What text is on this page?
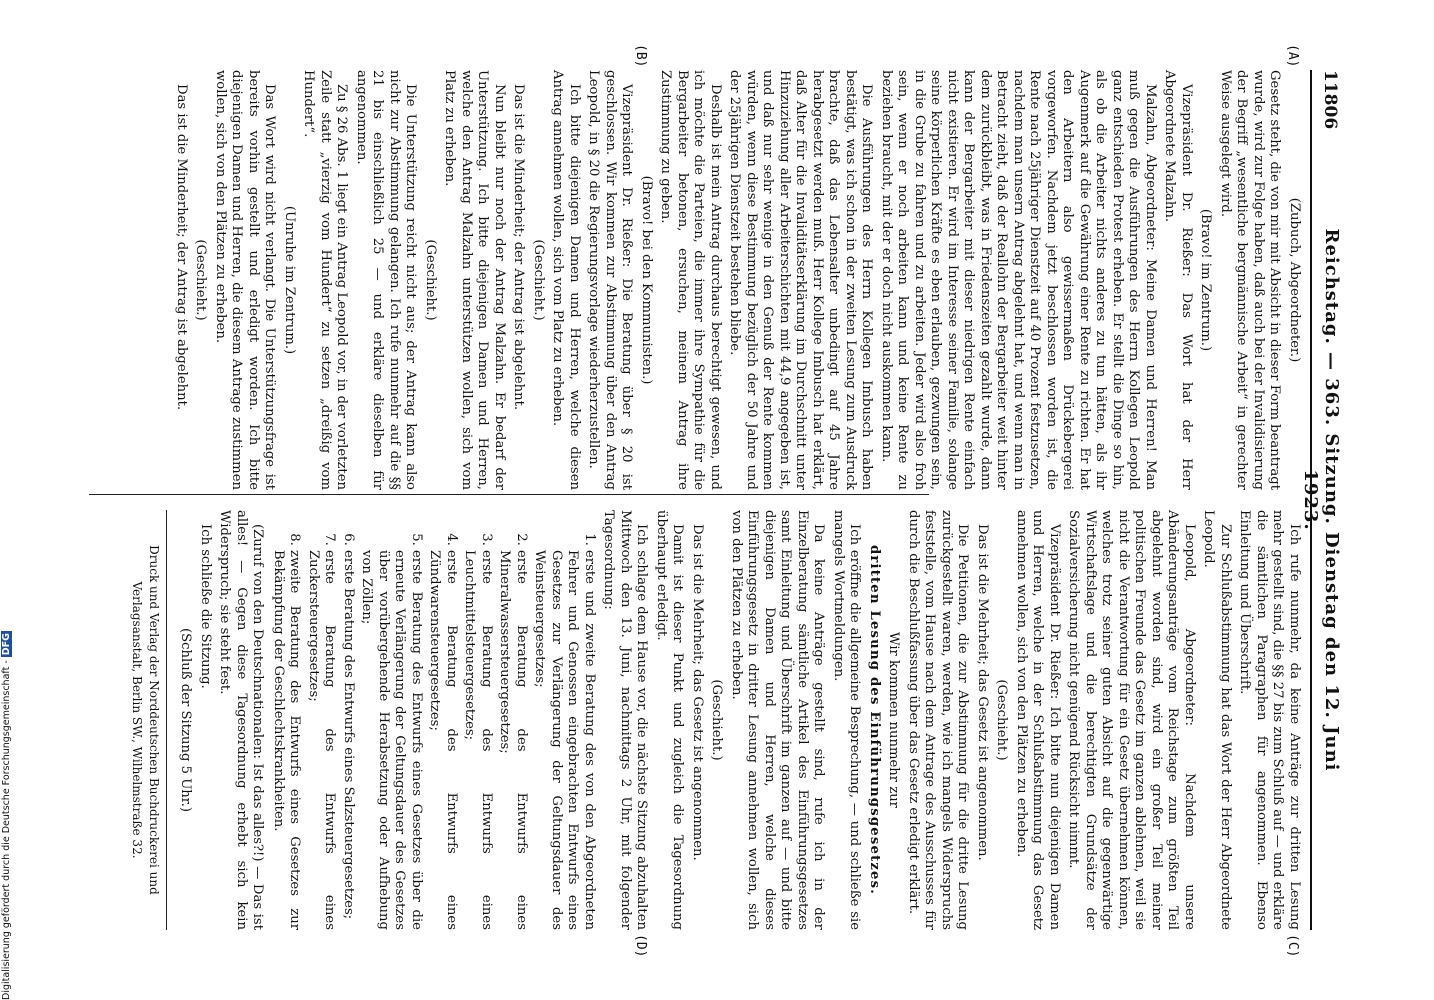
11806
Reichstag. — 363. Sitzung. Dienstag den 12. Juni 1923.
(A)
(B)
(C)
(D)

(Zubuch, Abgeordneter.)

Gesetz steht, die von mir mit Absicht in dieser Form beantragt wurde, wird zur Folge haben, daß auch bei der Invalidisierung der Begriff „wesentliche bergmännische Arbeit“ in gerechter Weise ausgelegt wird.

(Bravo! im Zentrum.)

Vizepräsident Dr. Rießer: Das Wort hat der Herr Abgeordnete Malzahn.

Malzahn, Abgeordneter: Meine Damen und Herren! Man muß gegen die Ausführungen des Herrn Kollegen Leopold ganz entschieden Protest erheben. Er stellt die Dinge so hin, als ob die Arbeiter nichts anderes zu tun hätten, als ihr Augenmerk auf die Gewährung einer Rente zu richten. Er hat den Arbeitern also gewissermaßen Drückebergerei vorgeworfen. Nachdem jetzt beschlossen worden ist, die Rente nach 25jähriger Dienstzeit auf 40 Prozent festzusetzen, nachdem man unsern Antrag abgelehnt hat, und wenn man in Betracht zieht, daß der Reallohn der Bergarbeiter weit hinter dem zurückbleibt, was in Friedenszeiten gezahlt wurde, dann kann der Bergarbeiter mit dieser niedrigen Rente einfach nicht existieren. Er wird im Interesse seiner Familie, solange seine körperlichen Kräfte es eben erlauben, gezwungen sein, in die Grube zu fahren und zu arbeiten. Jeder wird also froh sein, wenn er noch arbeiten kann und keine Rente zu beziehen braucht, mit der er doch nicht auskommen kann.

Die Ausführungen des Herrn Kollegen Imbusch haben bestätigt, was ich schon in der zweiten Lesung zum Ausdruck brachte, daß das Lebensalter unbedingt auf 45 Jahre herabgesetzt werden muß. Herr Kollege Imbusch hat erklärt, daß Alter für die Invaliditätserklärung im Durchschnitt unter Hinzuziehung aller Arbeiterschichten mit 44,9 angegeben ist, und daß nur sehr wenige in den Genuß der Rente kommen würden, wenn diese Bestimmung bezüglich der 50 Jahre und der 25jährigen Dienstzeit bestehen bliebe.

Deshalb ist mein Antrag durchaus berechtigt gewesen, und ich möchte die Parteien, die immer ihre Sympathie für die Bergarbeiter betonen, ersuchen, meinem Antrag ihre Zustimmung zu geben.

(Bravo! bei den Kommunisten.)

Vizepräsident Dr. Rießer: Die Beratung über § 20 ist geschlossen. Wir kommen zur Abstimmung über den Antrag Leopold, in § 20 die Regierungsvorlage wiederherzustellen.

Ich bitte diejenigen Damen und Herren, welche diesen Antrag annehmen wollen, sich vom Platz zu erheben.

(Geschieht.)

Das ist die Minderheit; der Antrag ist abgelehnt.

Nun bleibt nur noch der Antrag Malzahn. Er bedarf der Unterstützung. Ich bitte diejenigen Damen und Herren, welche den Antrag Malzahn unterstützen wollen, sich vom Platz zu erheben.

(Geschieht.)

Die Unterstützung reicht nicht aus; der Antrag kann also nicht zur Abstimmung gelangen. Ich rufe nunmehr auf die §§ 21 bis einschließlich 25 — und erkläre dieselben für angenommen.

Zu § 26 Abs. 1 liegt ein Antrag Leopold vor, in der vorletzten Zeile statt „vierzig vom Hundert“ zu setzen „dreißig vom Hundert“.

(Unruhe im Zentrum.)

Das Wort wird nicht verlangt. Die Unterstützungsfrage ist bereits vorhin gestellt und erledigt worden. Ich bitte diejenigen Damen und Herren, die diesem Antrage zustimmen wollen, sich von den Plätzen zu erheben.

(Geschieht.)

Das ist die Minderheit; der Antrag ist abgelehnt.

Ich rufe nunmehr, da keine Anträge zur dritten Lesung mehr gestellt sind, die §§ 27 bis zum Schluß auf — und erkläre die sämtlichen Paragraphen für angenommen. Ebenso Einleitung und Überschrift.

Zur Schlußabstimmung hat das Wort der Herr Abgeordnete Leopold.

Leopold, Abgeordneter: Nachdem unsere Abänderungsanträge vom Reichstage zum größten Teil abgelehnt worden sind, wird ein großer Teil meiner politischen Freunde das Gesetz im ganzen ablehnen, weil sie nicht die Verantwortung für ein Gesetz übernehmen können, welches trotz seiner guten Absicht auf die gegenwärtige Wirtschaftslage und die berechtigten Grundsätze der Sozialversicherung nicht genügend Rücksicht nimmt.

Vizepräsident Dr. Rießer: Ich bitte nun diejenigen Damen und Herren, welche in der Schlußabstimmung das Gesetz annehmen wollen, sich von den Plätzen zu erheben.

(Geschieht.)

Das ist die Mehrheit; das Gesetz ist angenommen.

Die Petitionen, die zur Abstimmung für die dritte Lesung zurückgestellt waren, werden, wie ich mangels Widerspruchs feststelle, vom Hause nach dem Antrage des Ausschusses für durch die Beschlußfassung über das Gesetz erledigt erklärt.

Wir kommen nunmehr zur

dritten Lesung des Einführungsgesetzes.

Ich eröffne die allgemeine Besprechung, — und schließe sie mangels Wortmeldungen.

Da keine Anträge gestellt sind, rufe ich in der Einzelberatung sämtliche Artikel des Einführungsgesetzes samt Einleitung und Überschrift im ganzen auf — und bitte diejenigen Damen und Herren, welche dieses Einführungsgesetz in dritter Lesung annehmen wollen, sich von den Plätzen zu erheben.

(Geschieht.)

Das ist die Mehrheit; das Gesetz ist angenommen.

Damit ist dieser Punkt und zugleich die Tagesordnung überhaupt erledigt.

Ich schlage dem Hause vor, die nächste Sitzung abzuhalten Mittwoch den 13. Juni, nachmittags 2 Uhr, mit folgender Tagesordnung:

1. erste und zweite Beratung des von den Abgeordneten Fehrer und Genossen eingebrachten Entwurfs eines Gesetzes zur Verlängerung der Geltungsdauer des Weinsteuergesetzes;
2. erste Beratung des Entwurfs eines Mineralwassersteuergesetzes;
3. erste Beratung des Entwurfs eines Leuchtmittelsteuergesetzes;
4. erste Beratung des Entwurfs eines Zündwarensteuergesetzes;
5. erste Beratung des Entwurfs eines Gesetzes über die erneute Verlängerung der Geltungsdauer des Gesetzes über vorübergehende Herabsetzung oder Aufhebung von Zöllen;
6. erste Beratung des Entwurfs eines Salzsteuergesetzes;
7. erste Beratung des Entwurfs eines Zuckersteuergesetzes;
8. zweite Beratung des Entwurfs eines Gesetzes zur Bekämpfung der Geschlechtskrankheiten.

(Zuruf von den Deutschnationalen: Ist das alles?!) — Das ist alles! — Gegen diese Tagesordnung erhebt sich kein Widerspruch; sie steht fest.

Ich schließe die Sitzung.

(Schluß der Sitzung 5 Uhr.)

Druck und Verlag der Norddeutschen Buchdruckerei und Verlagsanstalt, Berlin SW., Wilhelmstraße 32.

Digitalisierung gefördert durch die Deutsche Forschungsgemeinschaft -DFG
